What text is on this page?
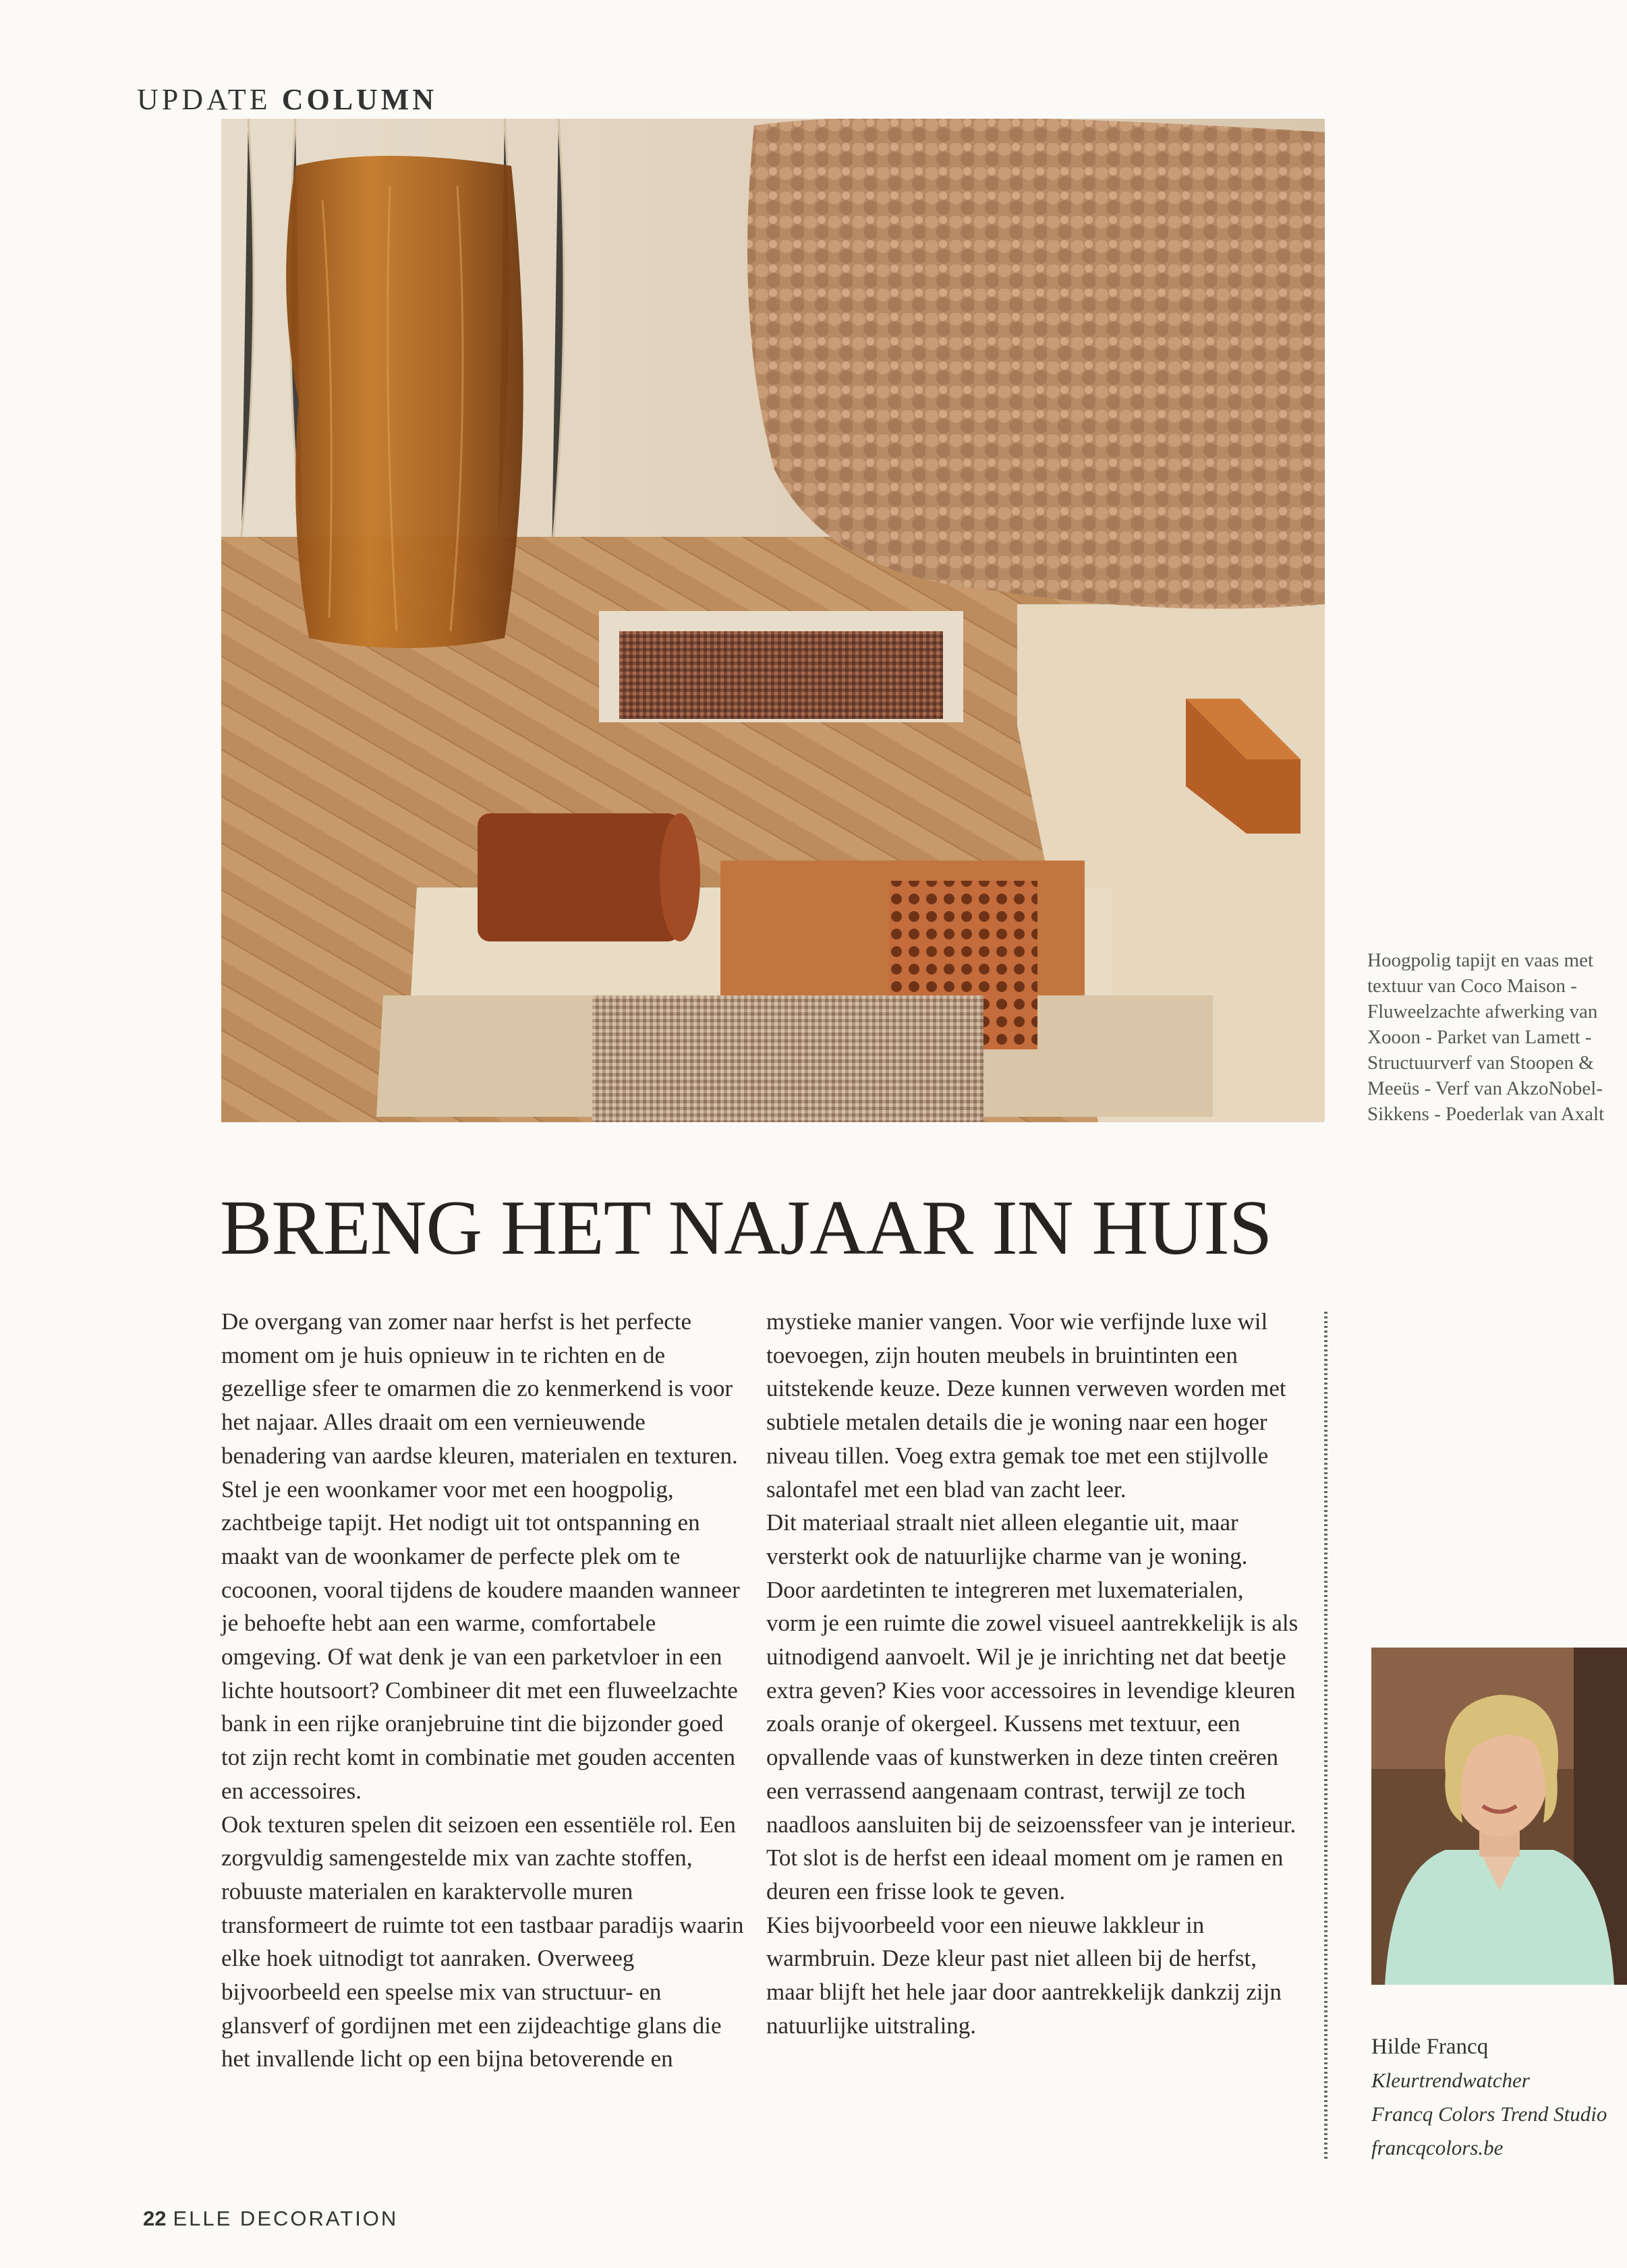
UPDATE COLUMN
Hoogpolig tapijt en vaas met
textuur van Coco Maison -
Fluweelzachte afwerking van
Xooon - Parket van Lamett -
Structuurverf van Stoopen &
Meeüs - Verf van AkzoNobel-
Sikkens - Poederlak van Axalt
BRENG HET NAJAAR IN HUIS

De overgang van zomer naar herfst is het perfecte moment om je huis opnieuw in te richten en de gezellige sfeer te omarmen die zo kenmerkend is voor het najaar. Alles draait om een vernieuwende benadering van aardse kleuren, materialen en texturen. Stel je een woonkamer voor met een hoogpolig, zachtbeige tapijt. Het nodigt uit tot ontspanning en maakt van de woonkamer de perfecte plek om te cocoonen, vooral tijdens de koudere maanden wanneer je behoefte hebt aan een warme, comfortabele omgeving. Of wat denk je van een parketvloer in een lichte houtsoort? Combineer dit met een fluweelzachte bank in een rijke oranjebruine tint die bijzonder goed tot zijn recht komt in combinatie met gouden accenten en accessoires.

Ook texturen spelen dit seizoen een essentiële rol. Een zorgvuldig samengestelde mix van zachte stoffen, robuuste materialen en karaktervolle muren transformeert de ruimte tot een tastbaar paradijs waarin elke hoek uitnodigt tot aanraken. Overweeg bijvoorbeeld een speelse mix van structuur- en glansverf of gordijnen met een zijdeachtige glans die het invallende licht op een bijna betoverende en

mystieke manier vangen. Voor wie verfijnde luxe wil toevoegen, zijn houten meubels in bruintinten een uitstekende keuze. Deze kunnen verweven worden met subtiele metalen details die je woning naar een hoger niveau tillen. Voeg extra gemak toe met een stijlvolle salontafel met een blad van zacht leer.

Dit materiaal straalt niet alleen elegantie uit, maar versterkt ook de natuurlijke charme van je woning. Door aardetinten te integreren met luxematerialen, vorm je een ruimte die zowel visueel aantrekkelijk is als uitnodigend aanvoelt. Wil je je inrichting net dat beetje extra geven? Kies voor accessoires in levendige kleuren zoals oranje of okergeel. Kussens met textuur, een opvallende vaas of kunstwerken in deze tinten creëren een verrassend aangenaam contrast, terwijl ze toch naadloos aansluiten bij de seizoenssfeer van je interieur. Tot slot is de herfst een ideaal moment om je ramen en deuren een frisse look te geven.

Kies bijvoorbeeld voor een nieuwe lakkleur in warmbruin. Deze kleur past niet alleen bij de herfst, maar blijft het hele jaar door aantrekkelijk dankzij zijn natuurlijke uitstraling.

Hilde Francq
Kleurtrendwatcher
Francq Colors Trend Studio
francqcolors.be
22 ELLE DECORATION
